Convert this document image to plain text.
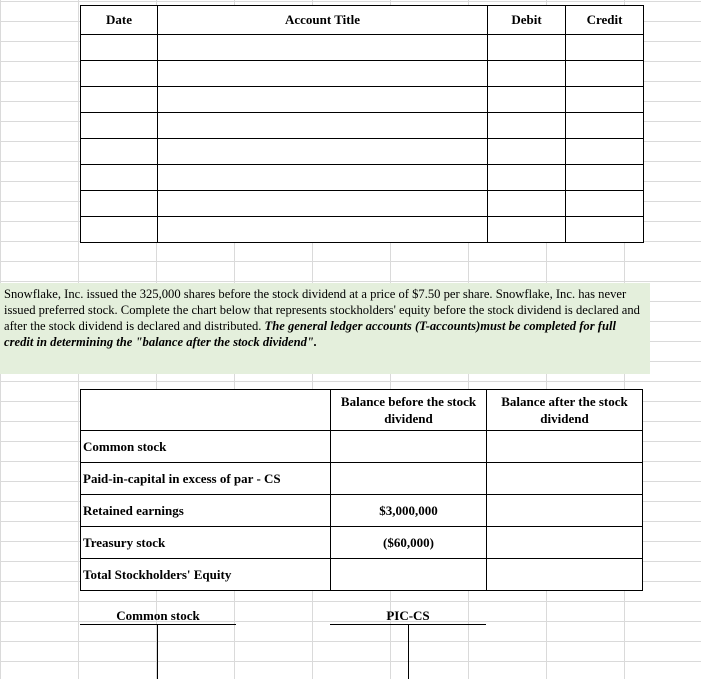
Date	Account Title	Debit	Credit

Snowflake, Inc. issued the 325,000 shares before the stock dividend at a price of $7.50 per share. Snowflake, Inc. has never issued preferred stock. Complete the chart below that represents stockholders' equity before the stock dividend is declared and after the stock dividend is declared and distributed. The general ledger accounts (T-accounts)must be completed for full credit in determining the "balance after the stock dividend".
	Balance before the stock dividend	Balance after the stock dividend
Common stock		
Paid-in-capital in excess of par - CS		
Retained earnings	$3,000,000	
Treasury stock	($60,000)	
Total Stockholders' Equity		
Common stock	PIC-CS
